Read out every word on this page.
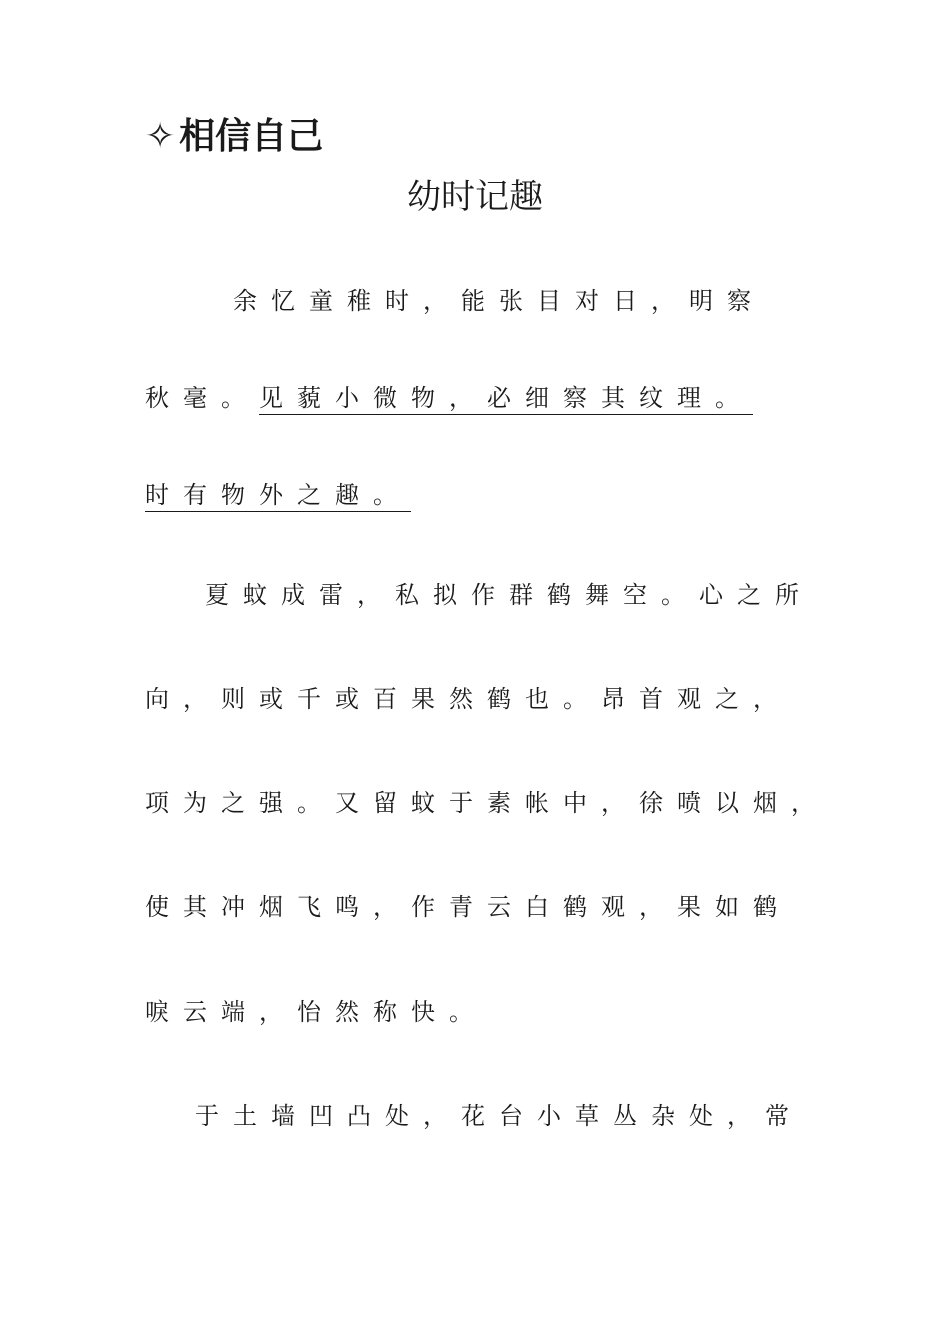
✧ 相信自己
幼时记趣
余忆童稚时，能张目对日，明察
秋毫。见藐小微物，必细察其纹理。
时有物外之趣。
夏蚊成雷，私拟作群鹤舞空。心之所
向，则或千或百果然鹤也。昂首观之，
项为之强。又留蚊于素帐中，徐喷以烟，
使其冲烟飞鸣，作青云白鹤观，果如鹤
唳云端，怡然称快。
于土墙凹凸处，花台小草丛杂处，常
